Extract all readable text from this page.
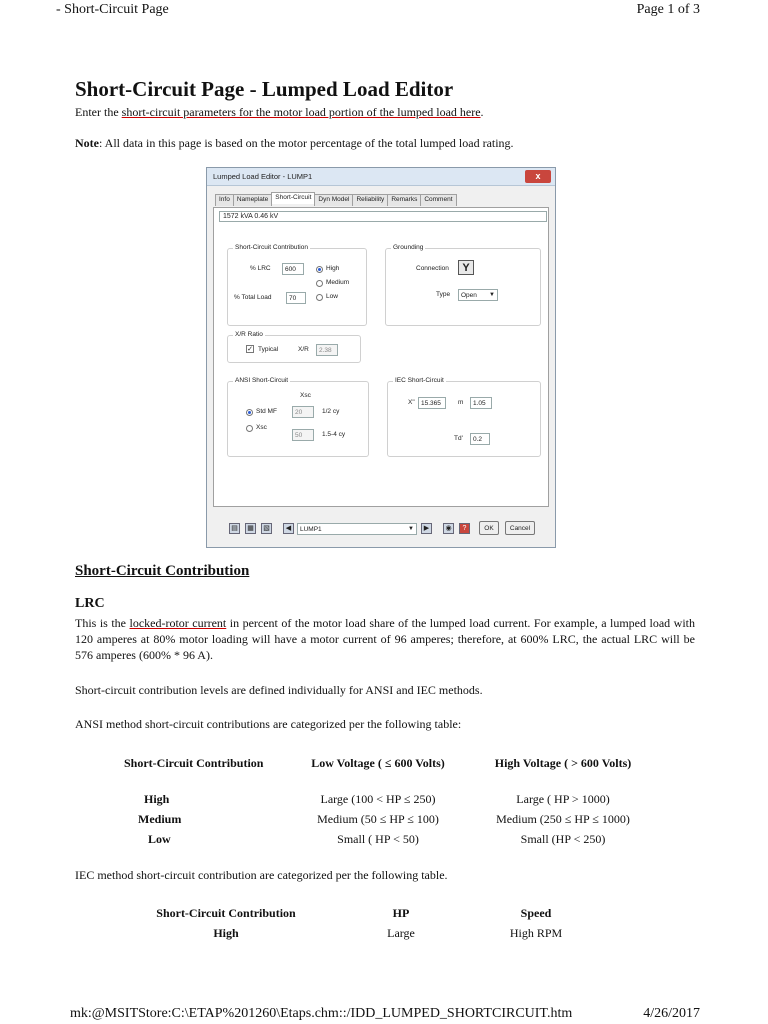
- Short-Circuit Page	Page 1 of 3
Short-Circuit Page - Lumped Load Editor
Enter the short-circuit parameters for the motor load portion of the lumped load here.
Note: All data in this page is based on the motor percentage of the total lumped load rating.
Lumped Load Editor - LUMP1	x
Info	Nameplate	Short-Circuit	Dyn Model	Reliability	Remarks	Comment
1572 kVA 0.46 kV
Short-Circuit Contribution
% LRC	600	High
Medium
% Total Load	70	Low
Grounding
Connection	Y
Type	Open ▼
X/R Ratio
✓ Typical	X/R	2.38
ANSI Short-Circuit
Xsc
Std MF	20	1/2 cy
Xsc
50	1.5-4 cy
IEC Short-Circuit
X" 15.365	m	1.05
Td'	0.2
▤	▦	▧	◀	LUMP1	▼	▶	◉	?	OK	Cancel
Short-Circuit Contribution
LRC
This is the locked-rotor current in percent of the motor load share of the lumped load current. For example, a lumped load with 120 amperes at 80% motor loading will have a motor current of 96 amperes; therefore, at 600% LRC, the actual LRC will be 576 amperes (600% * 96 A).
Short-circuit contribution levels are defined individually for ANSI and IEC methods.
ANSI method short-circuit contributions are categorized per the following table:
Short-Circuit Contribution	Low Voltage ( ≤ 600 Volts)	High Voltage ( > 600 Volts)
High	Large (100 < HP ≤ 250)	Large ( HP > 1000)
Medium	Medium (50 ≤ HP ≤ 100)	Medium (250 ≤ HP ≤ 1000)
Low	Small ( HP < 50)	Small (HP < 250)
IEC method short-circuit contribution are categorized per the following table.
Short-Circuit Contribution	HP	Speed
High	Large	High RPM
mk:@MSITStore:C:\ETAP%201260\Etaps.chm::/IDD_LUMPED_SHORTCIRCUIT.htm	4/26/2017
